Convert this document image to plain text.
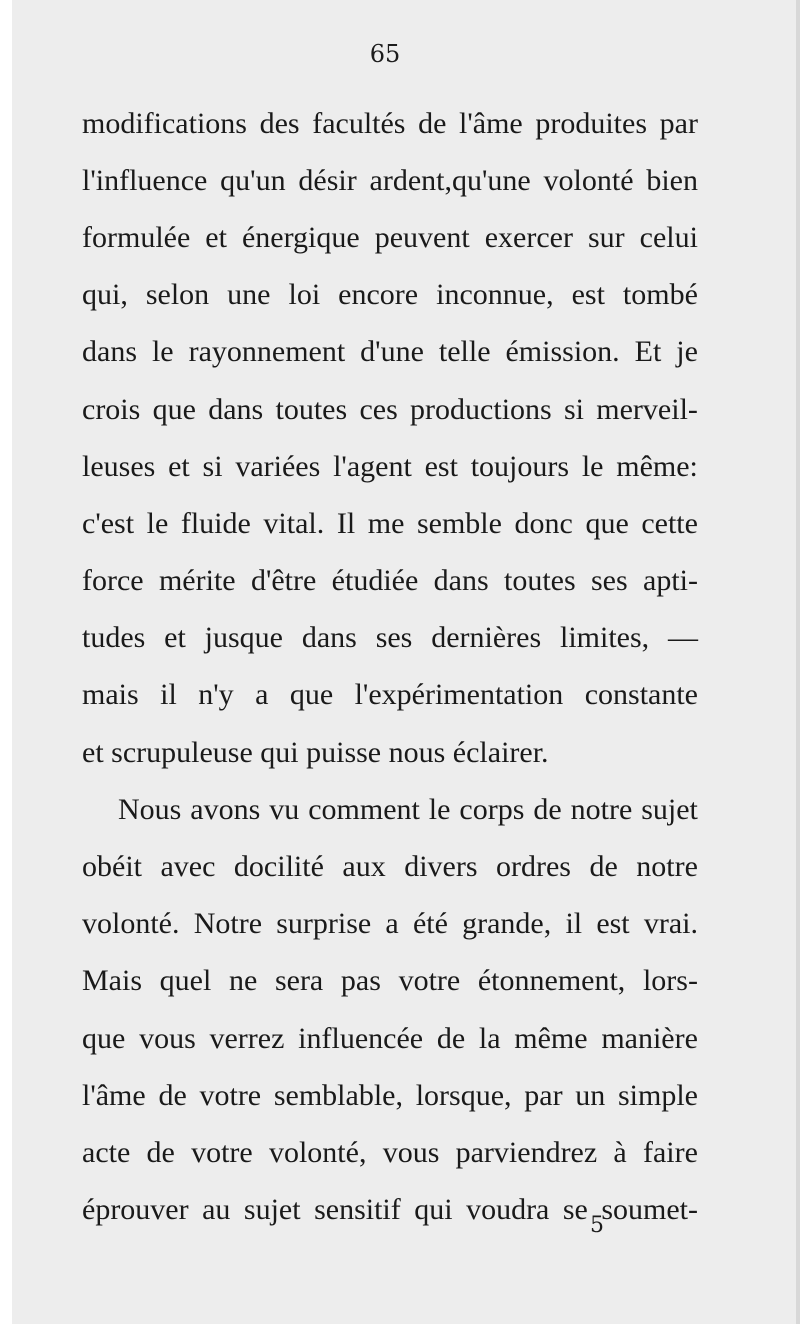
65
modifications des facultés de l'âme produites par
l'influence qu'un désir ardent,qu'une volonté bien
formulée et énergique peuvent exercer sur celui
qui, selon une loi encore inconnue, est tombé
dans le rayonnement d'une telle émission. Et je
crois que dans toutes ces productions si merveil-
leuses et si variées l'agent est toujours le même:
c'est le fluide vital. Il me semble donc que cette
force mérite d'être étudiée dans toutes ses apti-
tudes et jusque dans ses dernières limites, —
mais il n'y a que l'expérimentation constante
et scrupuleuse qui puisse nous éclairer.
Nous avons vu comment le corps de notre sujet
obéit avec docilité aux divers ordres de notre
volonté. Notre surprise a été grande, il est vrai.
Mais quel ne sera pas votre étonnement, lors-
que vous verrez influencée de la même manière
l'âme de votre semblable, lorsque, par un simple
acte de votre volonté, vous parviendrez à faire
éprouver au sujet sensitif qui voudra se soumet-
5
